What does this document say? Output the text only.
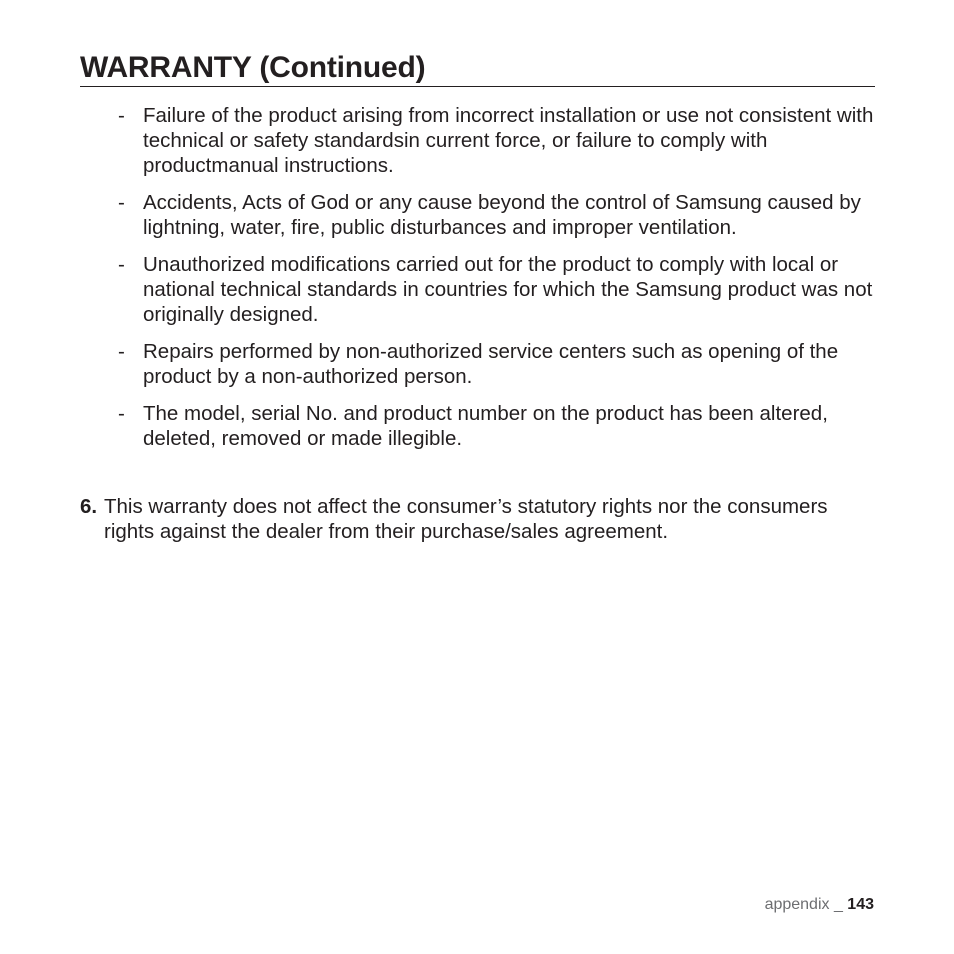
WARRANTY (Continued)
- Failure of the product arising from incorrect installation or use not consistent with technical or safety standardsin current force, or failure to comply with productmanual instructions.
- Accidents, Acts of God or any cause beyond the control of Samsung caused by lightning, water, fire, public disturbances and improper ventilation.
- Unauthorized modifications carried out for the product to comply with local or national technical standards in countries for which the Samsung product was not originally designed.
- Repairs performed by non-authorized service centers such as opening of the product by a non-authorized person.
- The model, serial No. and product number on the product has been altered, deleted, removed or made illegible.
6. This warranty does not affect the consumer’s statutory rights nor the consumers rights against the dealer from their purchase/sales agreement.
appendix _ 143
